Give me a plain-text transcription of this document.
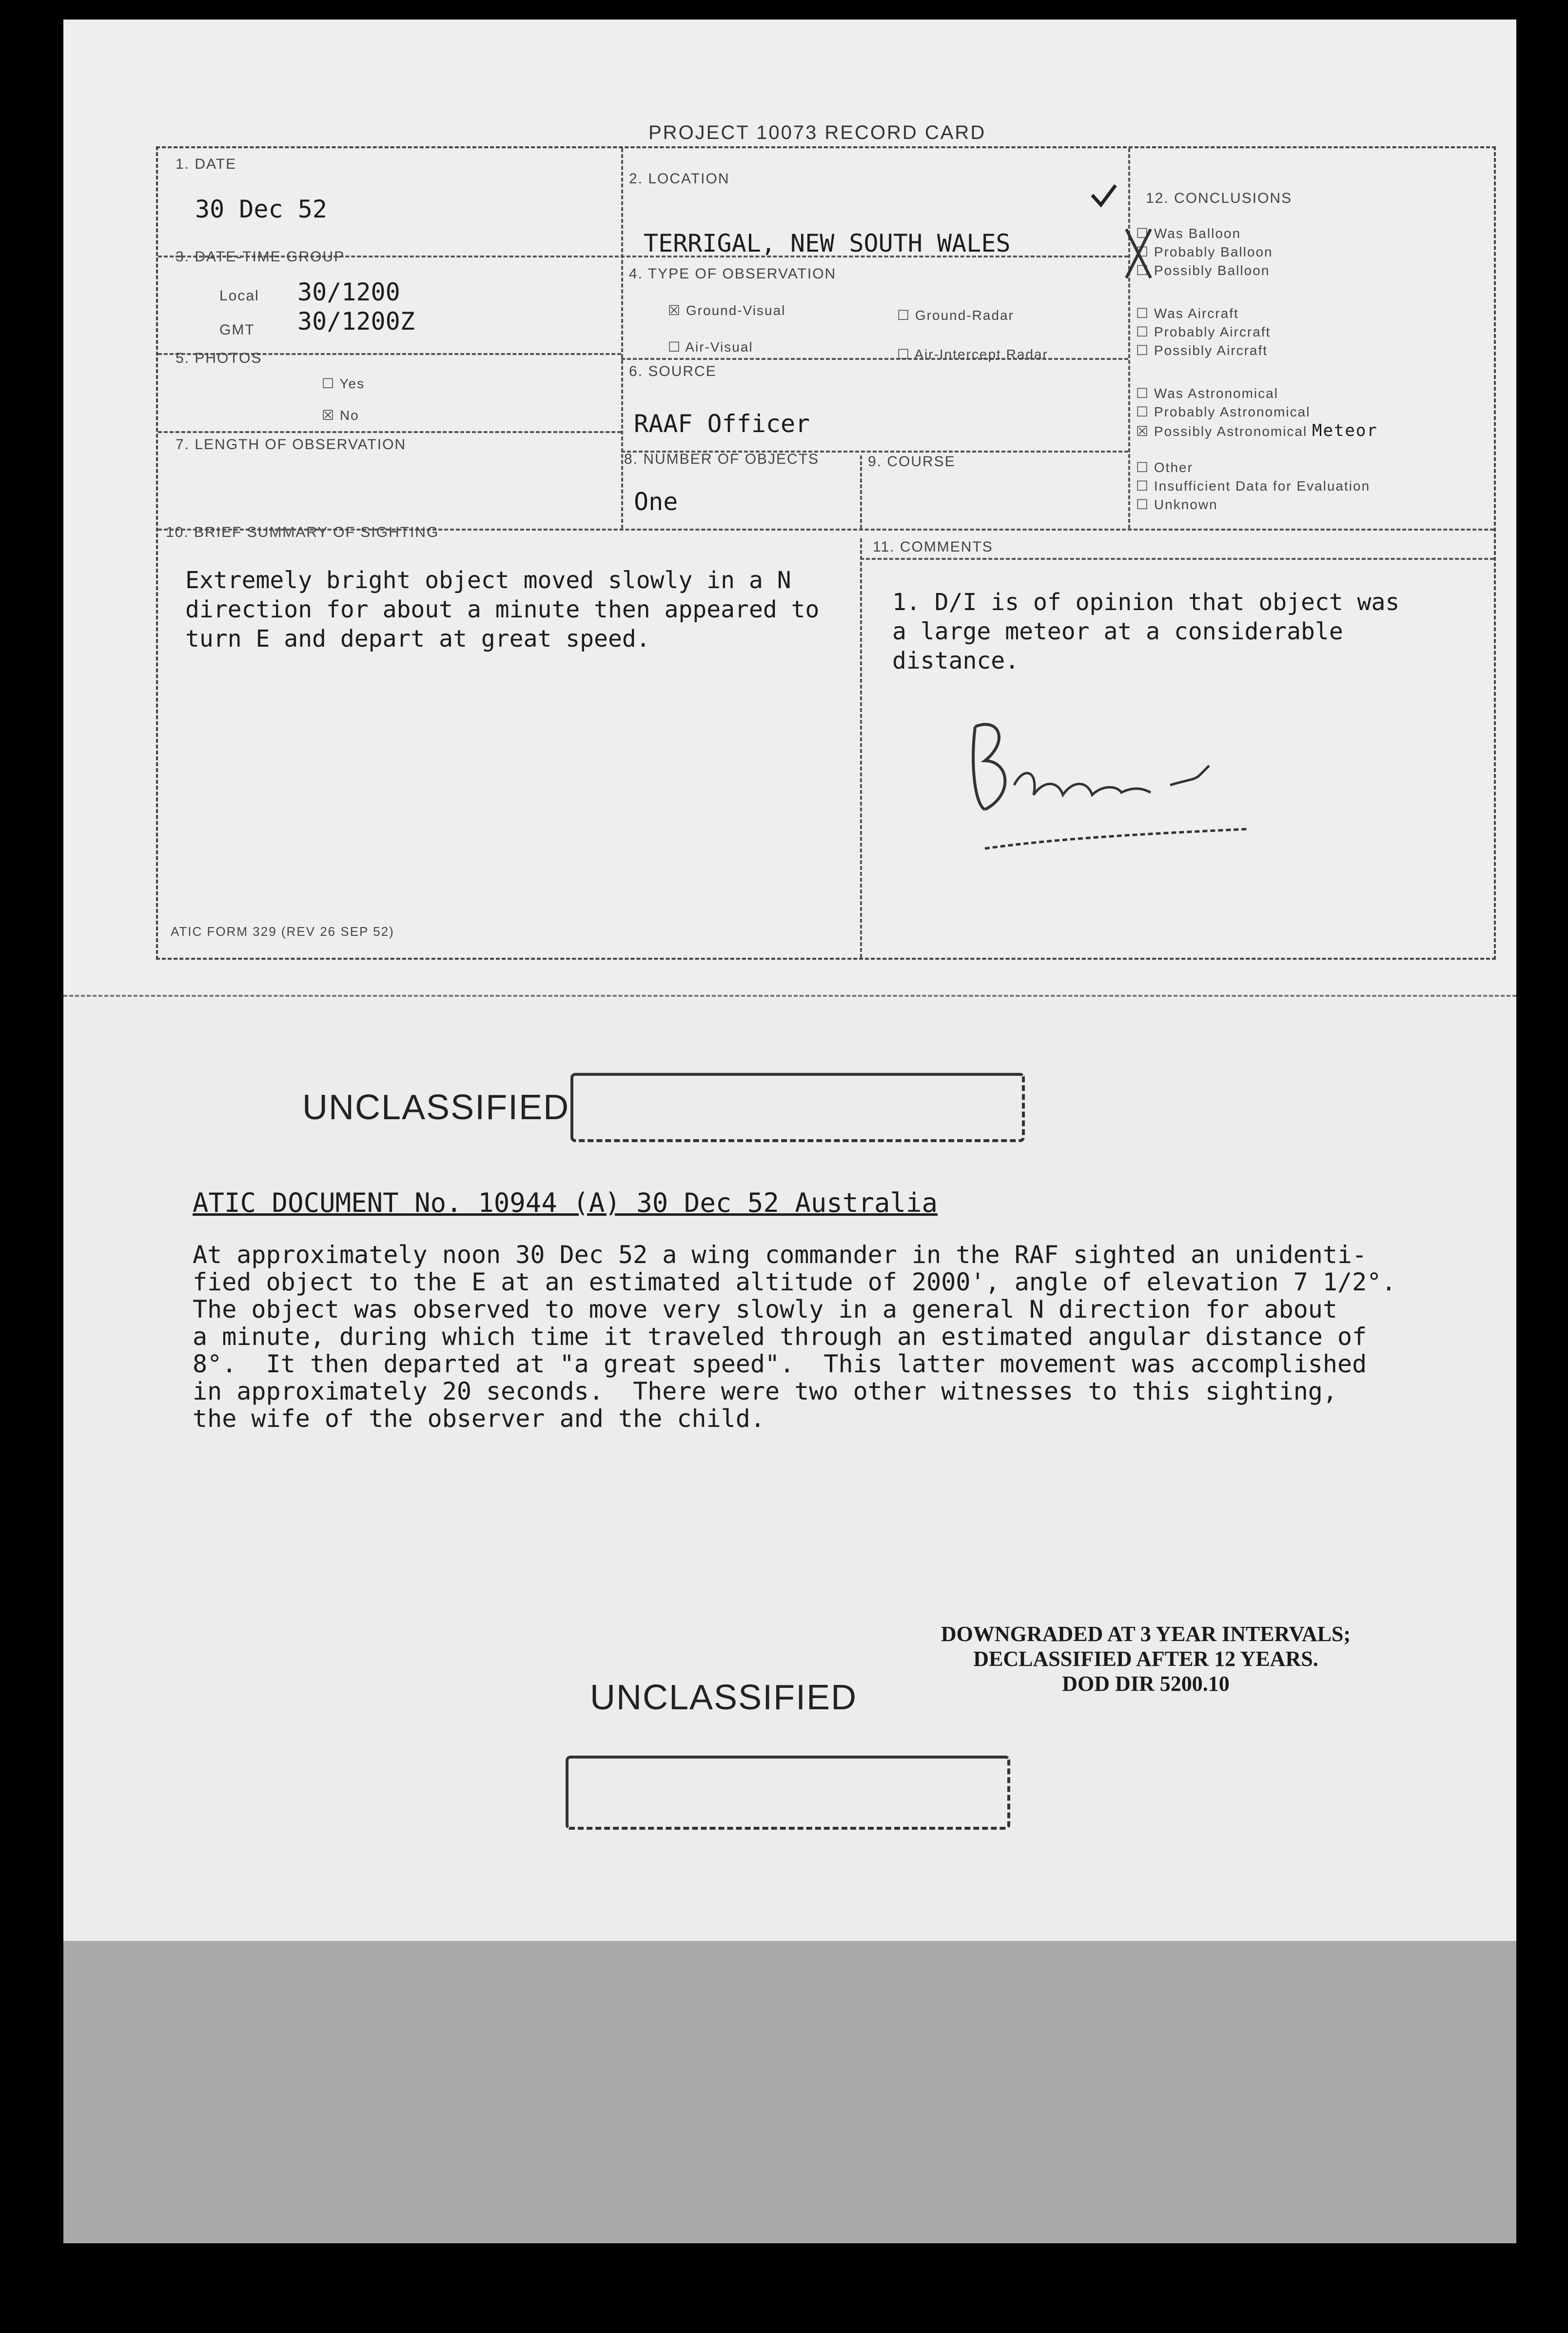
PROJECT 10073 RECORD CARD
1. DATE
30 Dec 52
2. LOCATION
TERRIGAL, NEW SOUTH WALES
3. DATE-TIME GROUP
Local 30/1200
GMT 30/1200Z
4. TYPE OF OBSERVATION
☒ Ground-Visual	☐ Ground-Radar
☐ Air-Visual	☐ Air-Intercept Radar
5. PHOTOS
☐ Yes
☒ No
6. SOURCE
RAAF Officer
7. LENGTH OF OBSERVATION
8. NUMBER OF OBJECTS
One
9. COURSE
10. BRIEF SUMMARY OF SIGHTING
Extremely bright object moved slowly in a N
direction for about a minute then appeared to
turn E and depart at great speed.
11. COMMENTS
1. D/I is of opinion that object was
a large meteor at a considerable
distance.
12. CONCLUSIONS
☐ Was Balloon
☐ Probably Balloon
☐ Possibly Balloon
☐ Was Aircraft
☐ Probably Aircraft
☐ Possibly Aircraft
☐ Was Astronomical
☐ Probably Astronomical
☒ Possibly Astronomical Meteor
☐ Other
☐ Insufficient Data for Evaluation
☐ Unknown
ATIC FORM 329 (REV 26 SEP 52)
UNCLASSIFIED
ATIC DOCUMENT No. 10944 (A) 30 Dec 52 Australia
At approximately noon 30 Dec 52 a wing commander in the RAF sighted an unidenti-
fied object to the E at an estimated altitude of 2000', angle of elevation 7 1/2°.
The object was observed to move very slowly in a general N direction for about
a minute, during which time it traveled through an estimated angular distance of
8°.  It then departed at "a great speed".  This latter movement was accomplished
in approximately 20 seconds.  There were two other witnesses to this sighting,
the wife of the observer and the child.
DOWNGRADED AT 3 YEAR INTERVALS;
DECLASSIFIED AFTER 12 YEARS.
DOD DIR 5200.10
UNCLASSIFIED
